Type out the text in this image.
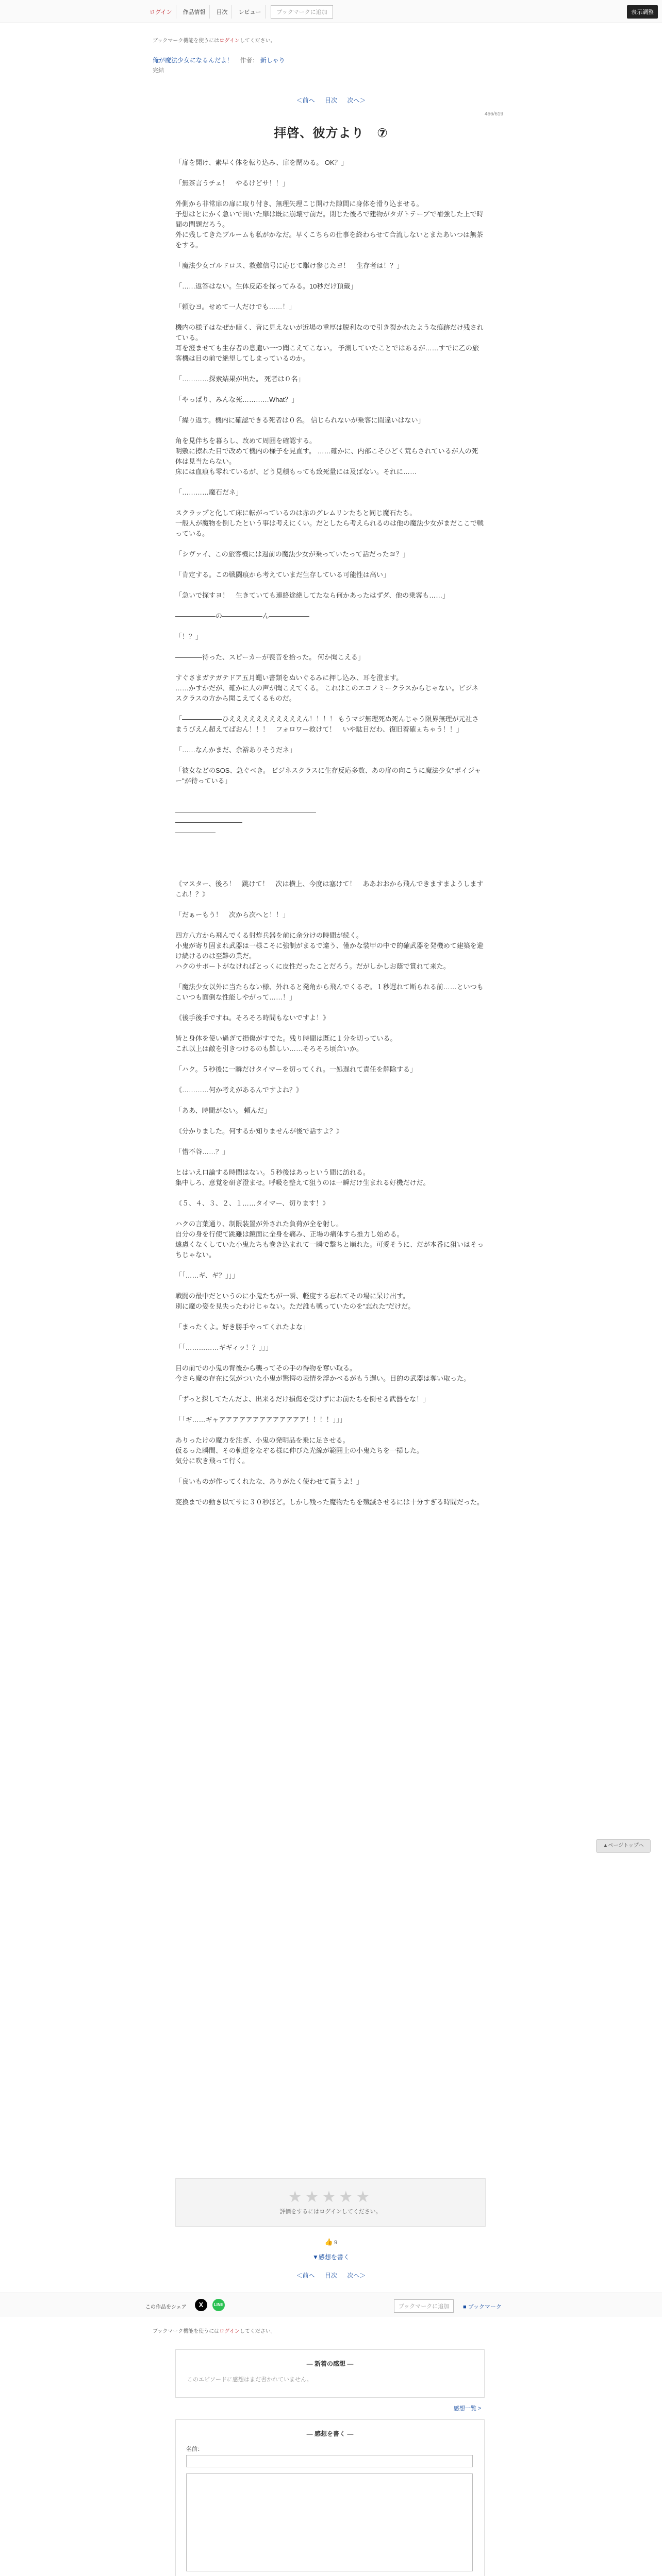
ログイン	作品情報	目次	レビュー	ブックマークに追加	表示調整
ブックマーク機能を使うにはログインしてください。
俺が魔法少女になるんだよ！ 作者： 新しゃり
完結
＜前へ 目次 次へ＞
466/619
拝啓、彼方より　⑦

「扉を開け、素早く体を転り込み、扉を閉める。 OK？」

「無茶言うチェ！　やるけどサ！！」

外側から非常扉の扉に取り付き、無理矢理こじ開けた隙間に身体を滑り込ませる。
予想はとにかく急いで開いた扉は既に崩壊寸前だ。閉じた後ろで建物がタガトテーブで補強した上で時間の問題だろう。
外に残してきたブルームも私がかなだ。早くこちらの仕事を終わらせて合流しないとまたあいつは無茶をする。

「魔法少女ゴルドロス、救難信号に応じて駆け参じたヨ！　生存者は！？」

「……返答はない。生体反応を探ってみる。10秒だけ頂戴」

「頼むヨ。せめて一人だけでも……！」

機内の様子はなぜか暗く、音に見えないが近場の重厚は脱利なので引き裂かれたような痕跡だけ残されている。
耳を澄ませても生存者の息遣い一つ聞こえてこない。 予測していたことではあるが……すでに乙の旅客機は目の前で絶望してしまっているのか。

「…………探索結果が出た。 死者は０名」

「やっぱり、みんな死…………What？」

「繰り返す。機内に確認できる死者は０名。 信じられないが乗客に間違いはない」

角を見伴ちを暮らし、改めて周囲を確認する。
明敷に擦れた目で改めて機内の様子を見直す。 ……確かに、内部こそひどく荒らされているが人の死体は見当たらない。
床には血痕も零れているが、どう見積もっても致死量には及ばない。それに……

「…………魔石だネ」

スクラップと化して床に転がっているのは赤のグレムリンたちと同じ魔石たち。
一般人が魔物を倒したという事は考えにくい。だとしたら考えられるのは他の魔法少女がまだここで戦っている。

「シヴァイ、この旅客機には週前の魔法少女が乗っていたって話だったヨ？」

「肯定する。この戦闘痕から考えていまだ生存している可能性は高い」

「急いで探すヨ！　生きていても連絡途絶してたなら何かあったはずダ、他の乗客も……」

――――――の――――――ん――――――

「！？」

――――待った、スピーカーが喪音を拾った。 何か聞こえる」

すぐさまガテガテドア五月蠅い書類をぬいぐるみに押し込み、耳を澄ます。
……かすかだが、確かに人の声が聞こえてくる。 これはこのエコノミークラスからじゃない。ビジネスクラスの方から聞こえてくるものだ。

「――――――ひえええええええええええん！！！！ もうマジ無理死ぬ死んじゃう限界無理が元社さまうびえん超えてぱおん！！！　フォロワー救けて！　いや駄目だわ、復旧着確ぇちゃう！！」

「……なんかまだ、余裕ありそうだネ」

「彼女などのSOS、急ぐべき。 ビジネスクラスに生存反応多数、あの扉の向こうに魔法少女"ポイジャー"が待っている」

―――――――――――――――――――――
――――――――――
――――――

《マスター、後ろ！　跳けて！　次は横上、今度は塞けて！　ああおおから飛んできますまようしますこれ！？》

「だぁーもう！　次から次へと！！」

四方八方から飛んでくる射炸兵器を前に余分けの時間が続く。
小鬼が寄り固まれ武器は一様こそに強制がまるで違う、僅かな装甲の中で的確武器を発機めて建築を避け続けるのは至難の業だ。
ハクのサポートがなければとっくに皮性だったことだろう。だがしかしお蔭で賞れて来た。

「魔法少女以外に当たらない様、外れると発角から飛んでくるぞ。１秒遅れて断られる前……といつもこいつも面倒な性能しやがって……！」

《後手後手ですね。そろそろ時間もないですよ！》

皆と身体を使い過ぎて損傷がすでた。残り時間は既に１分を切っている。
これ以上は敵を引きつけるのも難しい……そろそろ頃合いか。

「ハク。５秒後に一瞬だけタイマーを切ってくれ。一処遅れて責任を解除する」

《…………何か考えがあるんですよね？》

「ああ、時間がない。 頼んだ」

《分かりました。何するか知りませんが後で話すよ？》

「惜不谷……？」

とはいえ口論する時間はない。５秒後はあっという間に訪れる。
集中しろ、意覚を研ぎ澄ませ。呼吸を整えて狙うのは一瞬だけ生まれる好機だけだ。

《５、４、３、２、１……タイマー、切ります！》

ハクの言葉通り、制限装置が外された負荷が全を射し。
自分の身を行使て跳難は鏡面に全身を痛み、正場の痛体すら推力し始める。
遠慮くなくしていた小鬼たちも巻き込まれて一瞬で撃ちと崩れた。可愛そうに、だが本番に狙いはそっちじゃない。

「「……ギ、ギ？」」」

戦闘の最中だというのに小鬼たちが一瞬、軽度する忘れてその場に呆け出す。
別に魔の姿を見失ったわけじゃない。ただ誰も戦っていたのを"忘れた"だけだ。

「まったくよ。好き勝手やってくれたよな」

「「……………ギギィッ！？」」」

目の前での小鬼の背後から襲ってその手の得物を奪い取る。
今さら魔の存在に気がついた小鬼が驚愕の表情を浮かべるがもう遅い。目的の武器は奪い取った。

「ずっと探してたんだよ、出来るだけ損傷を受けずにお前たちを倒せる武器をな！」

「「ギ……ギャアアアアアアアアアアアアア！！！！」」」

ありったけの魔力を注ぎ、小鬼の発明品を乗に足させる。
仮るった瞬間、その軌道をなぞる様に伸びた光線が範囲上の小鬼たちを一掃した。
気分に吹き飛って行く。

「良いものが作ってくれたな、ありがたく使わせて貰うよ！」

変換までの動き以てサに３０秒ほど。しかし残った魔物たちを殲滅させるには十分すぎる時間だった。

★★★★★
評価をするにはログインしてください。
👍 9
▼感想を書く
＜前へ 目次 次へ＞
この作品をシェア	X	LINE	ブックマークに追加	■ ブックマーク
ブックマーク機能を使うにはログインしてください。
― 新着の感想 ―
このエピソードに感想はまだ書かれていません。
感想一覧 >
― 感想を書く ―
名前：
▲ページトップへ
